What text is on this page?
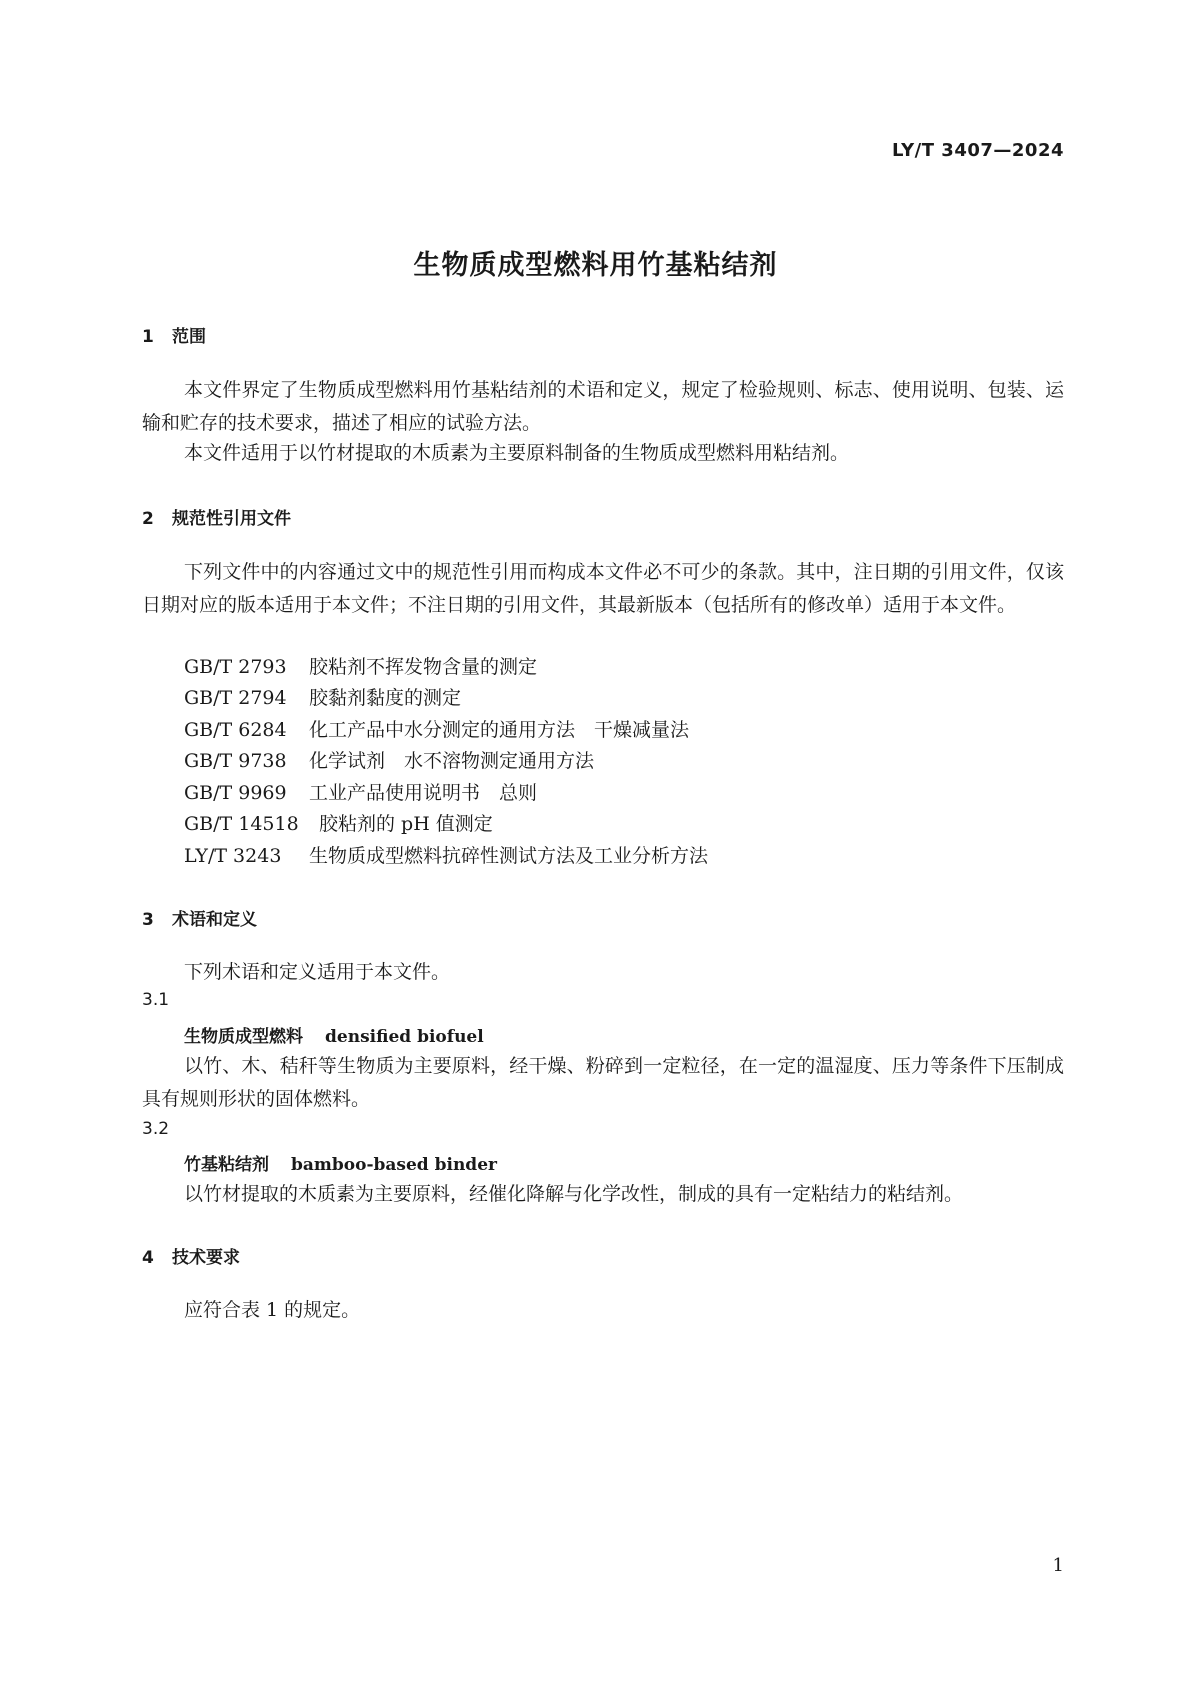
LY/T 3407—2024
生物质成型燃料用竹基粘结剂
1 范围
本文件界定了生物质成型燃料用竹基粘结剂的术语和定义，规定了检验规则、标志、使用说明、包装、运输和贮存的技术要求，描述了相应的试验方法。
本文件适用于以竹材提取的木质素为主要原料制备的生物质成型燃料用粘结剂。
2 规范性引用文件
下列文件中的内容通过文中的规范性引用而构成本文件必不可少的条款。其中，注日期的引用文件，仅该日期对应的版本适用于本文件；不注日期的引用文件，其最新版本（包括所有的修改单）适用于本文件。
GB/T 2793 胶粘剂不挥发物含量的测定
GB/T 2794 胶黏剂黏度的测定
GB/T 6284 化工产品中水分测定的通用方法　干燥减量法
GB/T 9738 化学试剂　水不溶物测定通用方法
GB/T 9969 工业产品使用说明书　总则
GB/T 14518 胶粘剂的 pH 值测定
LY/T 3243 生物质成型燃料抗碎性测试方法及工业分析方法
3 术语和定义
下列术语和定义适用于本文件。
3.1
生物质成型燃料 densified biofuel
以竹、木、秸秆等生物质为主要原料，经干燥、粉碎到一定粒径，在一定的温湿度、压力等条件下压制成具有规则形状的固体燃料。
3.2
竹基粘结剂 bamboo-based binder
以竹材提取的木质素为主要原料，经催化降解与化学改性，制成的具有一定粘结力的粘结剂。
4 技术要求
应符合表 1 的规定。
1
